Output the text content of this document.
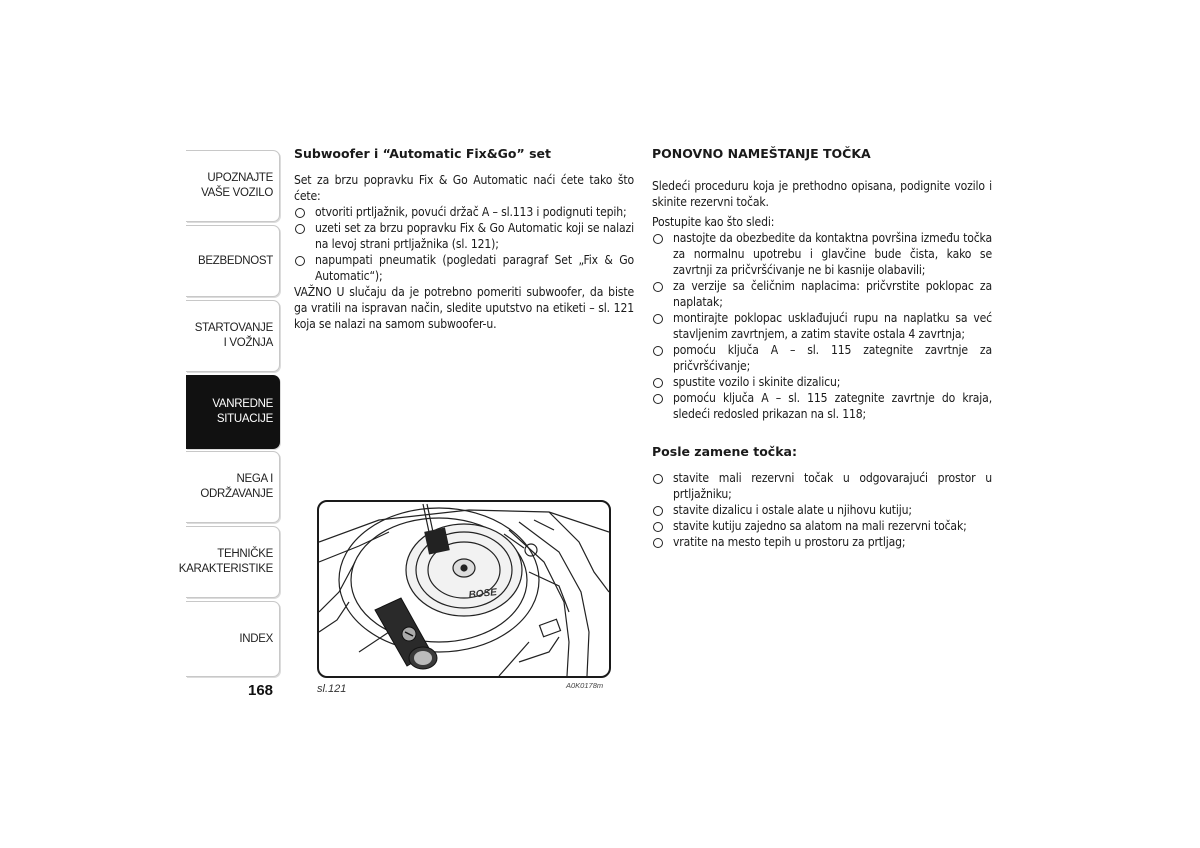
UPOZNAJTE
VAŠE VOZILO
BEZBEDNOST
STARTOVANJE
I VOŽNJA
VANREDNE
SITUACIJE
NEGA I
ODRŽAVANJE
TEHNIČKE
KARAKTERISTIKE
INDEX
168
Subwoofer i “Automatic Fix&Go” set

Set za brzu popravku Fix & Go Automatic naći ćete tako što ćete:

otvoriti prtljažnik, povući držač A – sl.113 i podignuti tepih;
uzeti set za brzu popravku Fix & Go Automatic koji se nalazi na levoj strani prtljažnika (sl. 121);
napumpati pneumatik (pogledati paragraf Set „Fix & Go Automatic“);

VAŽNO U slučaju da je potrebno pomeriti subwoofer, da biste ga vratili na ispravan način, sledite uputstvo na etiketi – sl. 121 koja se nalazi na samom subwoofer-u.

BOSE
sl.121	A0K0178m
PONOVNO NAMEŠTANJE TOČKA

Sledeći proceduru koja je prethodno opisana, podignite vozilo i skinite rezervni točak.

Postupite kao što sledi:

nastojte da obezbedite da kontaktna površina između točka za normalnu upotrebu i glavčine bude čista, kako se zavrtnji za pričvršćivanje ne bi kasnije olabavili;
za verzije sa čeličnim naplacima: pričvrstite poklopac za naplatak;
montirajte poklopac usklađujući rupu na naplatku sa već stavljenim zavrtnjem, a zatim stavite ostala 4 zavrtnja;
pomoću ključa A – sl. 115 zategnite zavrtnje za pričvršćivanje;
spustite vozilo i skinite dizalicu;
pomoću ključa A – sl. 115 zategnite zavrtnje do kraja, sledeći redosled prikazan na sl. 118;
Posle zamene točka:
stavite mali rezervni točak u odgovarajući prostor u prtljažniku;
stavite dizalicu i ostale alate u njihovu kutiju;
stavite kutiju zajedno sa alatom na mali rezervni točak;
vratite na mesto tepih u prostoru za prtljag;
